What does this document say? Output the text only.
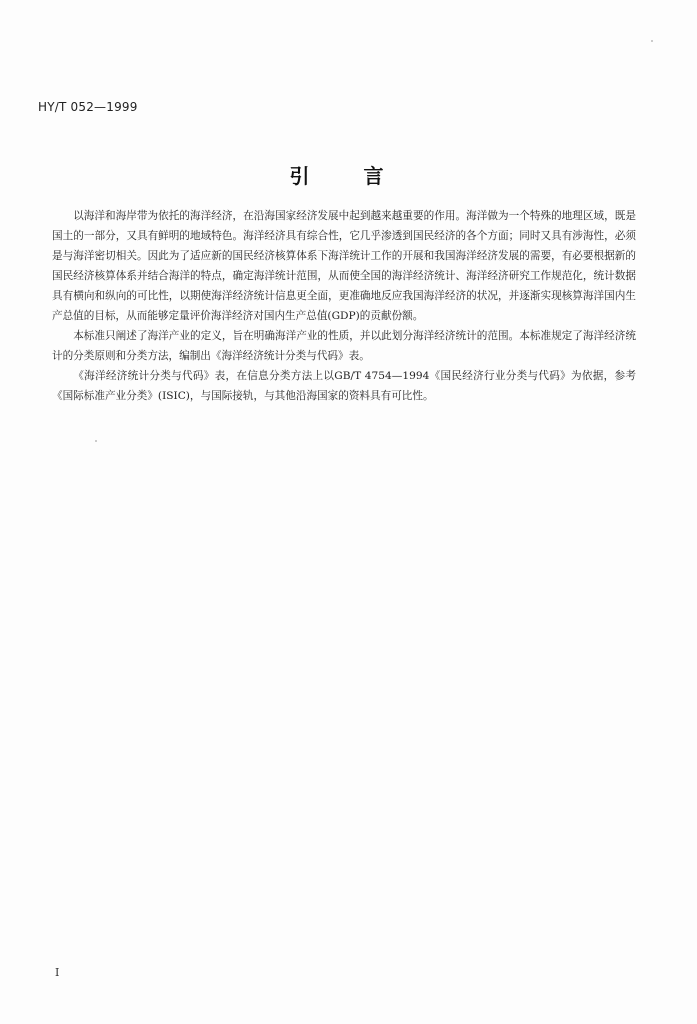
HY/T 052—1999
引言

以海洋和海岸带为依托的海洋经济，在沿海国家经济发展中起到越来越重要的作用。海洋做为一个特殊的地理区域，既是国土的一部分，又具有鲜明的地域特色。海洋经济具有综合性，它几乎渗透到国民经济的各个方面；同时又具有涉海性，必须是与海洋密切相关。因此为了适应新的国民经济核算体系下海洋统计工作的开展和我国海洋经济发展的需要，有必要根据新的国民经济核算体系并结合海洋的特点，确定海洋统计范围，从而使全国的海洋经济统计、海洋经济研究工作规范化，统计数据具有横向和纵向的可比性，以期使海洋经济统计信息更全面，更准确地反应我国海洋经济的状况，并逐渐实现核算海洋国内生产总值的目标，从而能够定量评价海洋经济对国内生产总值(GDP)的贡献份额。

本标准只阐述了海洋产业的定义，旨在明确海洋产业的性质，并以此划分海洋经济统计的范围。本标准规定了海洋经济统计的分类原则和分类方法，编制出《海洋经济统计分类与代码》表。

《海洋经济统计分类与代码》表，在信息分类方法上以GB/T 4754—1994《国民经济行业分类与代码》为依据，参考《国际标准产业分类》(ISIC)，与国际接轨，与其他沿海国家的资料具有可比性。

I
